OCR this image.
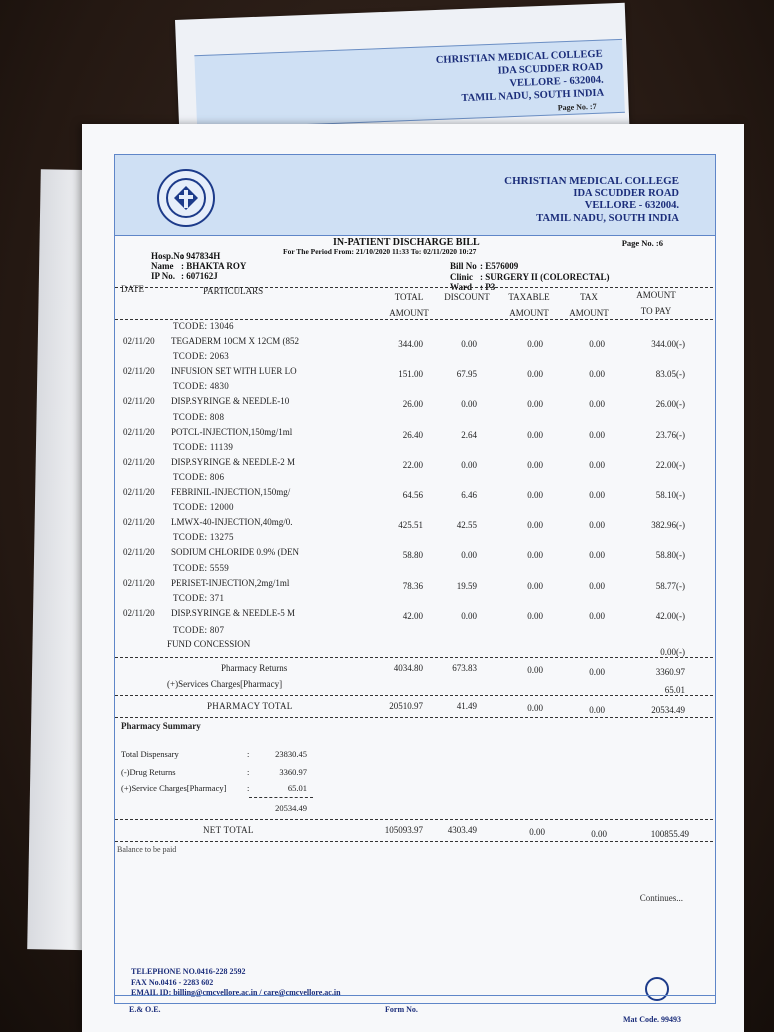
CHRISTIAN MEDICAL COLLEGE
IDA SCUDDER ROAD
VELLORE - 632004.
TAMIL NADU, SOUTH INDIA
Page No. :7
CHRISTIAN MEDICAL COLLEGE
IDA SCUDDER ROAD
VELLORE - 632004.
TAMIL NADU, SOUTH INDIA
IN-PATIENT DISCHARGE BILL	Page No. :6
For The Period From: 21/10/2020 11:33 To: 02/11/2020 10:27
Hosp.No: 947834H
Name : BHAKTA ROY
IP No. : 607162J
Bill No : E576009
Clinic : SURGERY II (COLORECTAL)
Ward : P3
DATE	PARTICULARS
TOTAL
AMOUNT
DISCOUNT	TAXABLE
AMOUNT
TAX
AMOUNT
AMOUNT
TO PAY
TCODE: 13046
02/11/20 TEGADERM 10CM X 12CM (852	344.00	0.00	0.00	0.00	344.00(-)
TCODE: 2063
02/11/20 INFUSION SET WITH LUER LO	151.00	67.95	0.00	0.00	83.05(-)
TCODE: 4830
02/11/20 DISP.SYRINGE & NEEDLE-10	26.00	0.00	0.00	0.00	26.00(-)
TCODE: 808
02/11/20 POTCL-INJECTION,150mg/1ml	26.40	2.64	0.00	0.00	23.76(-)
TCODE: 11139
02/11/20 DISP.SYRINGE & NEEDLE-2 M	22.00	0.00	0.00	0.00	22.00(-)
TCODE: 806
02/11/20 FEBRINIL-INJECTION,150mg/	64.56	6.46	0.00	0.00	58.10(-)
TCODE: 12000
02/11/20 LMWX-40-INJECTION,40mg/0.	425.51	42.55	0.00	0.00	382.96(-)
TCODE: 13275
02/11/20 SODIUM CHLORIDE 0.9% (DEN	58.80	0.00	0.00	0.00	58.80(-)
TCODE: 5559
02/11/20 PERISET-INJECTION,2mg/1ml	78.36	19.59	0.00	0.00	58.77(-)
TCODE: 371
02/11/20 DISP.SYRINGE & NEEDLE-5 M	42.00	0.00	0.00	0.00	42.00(-)
TCODE: 807
FUND CONCESSION
0.00(-)
Pharmacy Returns	4034.80	673.83	0.00	0.00	3360.97
(+)Services Charges[Pharmacy]
65.01
PHARMACY TOTAL	20510.97	41.49	0.00	0.00	20534.49
Pharmacy Summary
Total Dispensary	:	23830.45
(-)Drug Returns	:	3360.97
(+)Service Charges[Pharmacy] :	65.01
20534.49
NET TOTAL	105093.97	4303.49	0.00	0.00	100855.49
Balance to be paid
Continues...
TELEPHONE NO.0416-228 2592
FAX No.0416 - 2283 602
EMAIL ID: billing@cmcvellore.ac.in / care@cmcvellore.ac.in
E.& O.E.	Form No.
Mat Code. 99493
